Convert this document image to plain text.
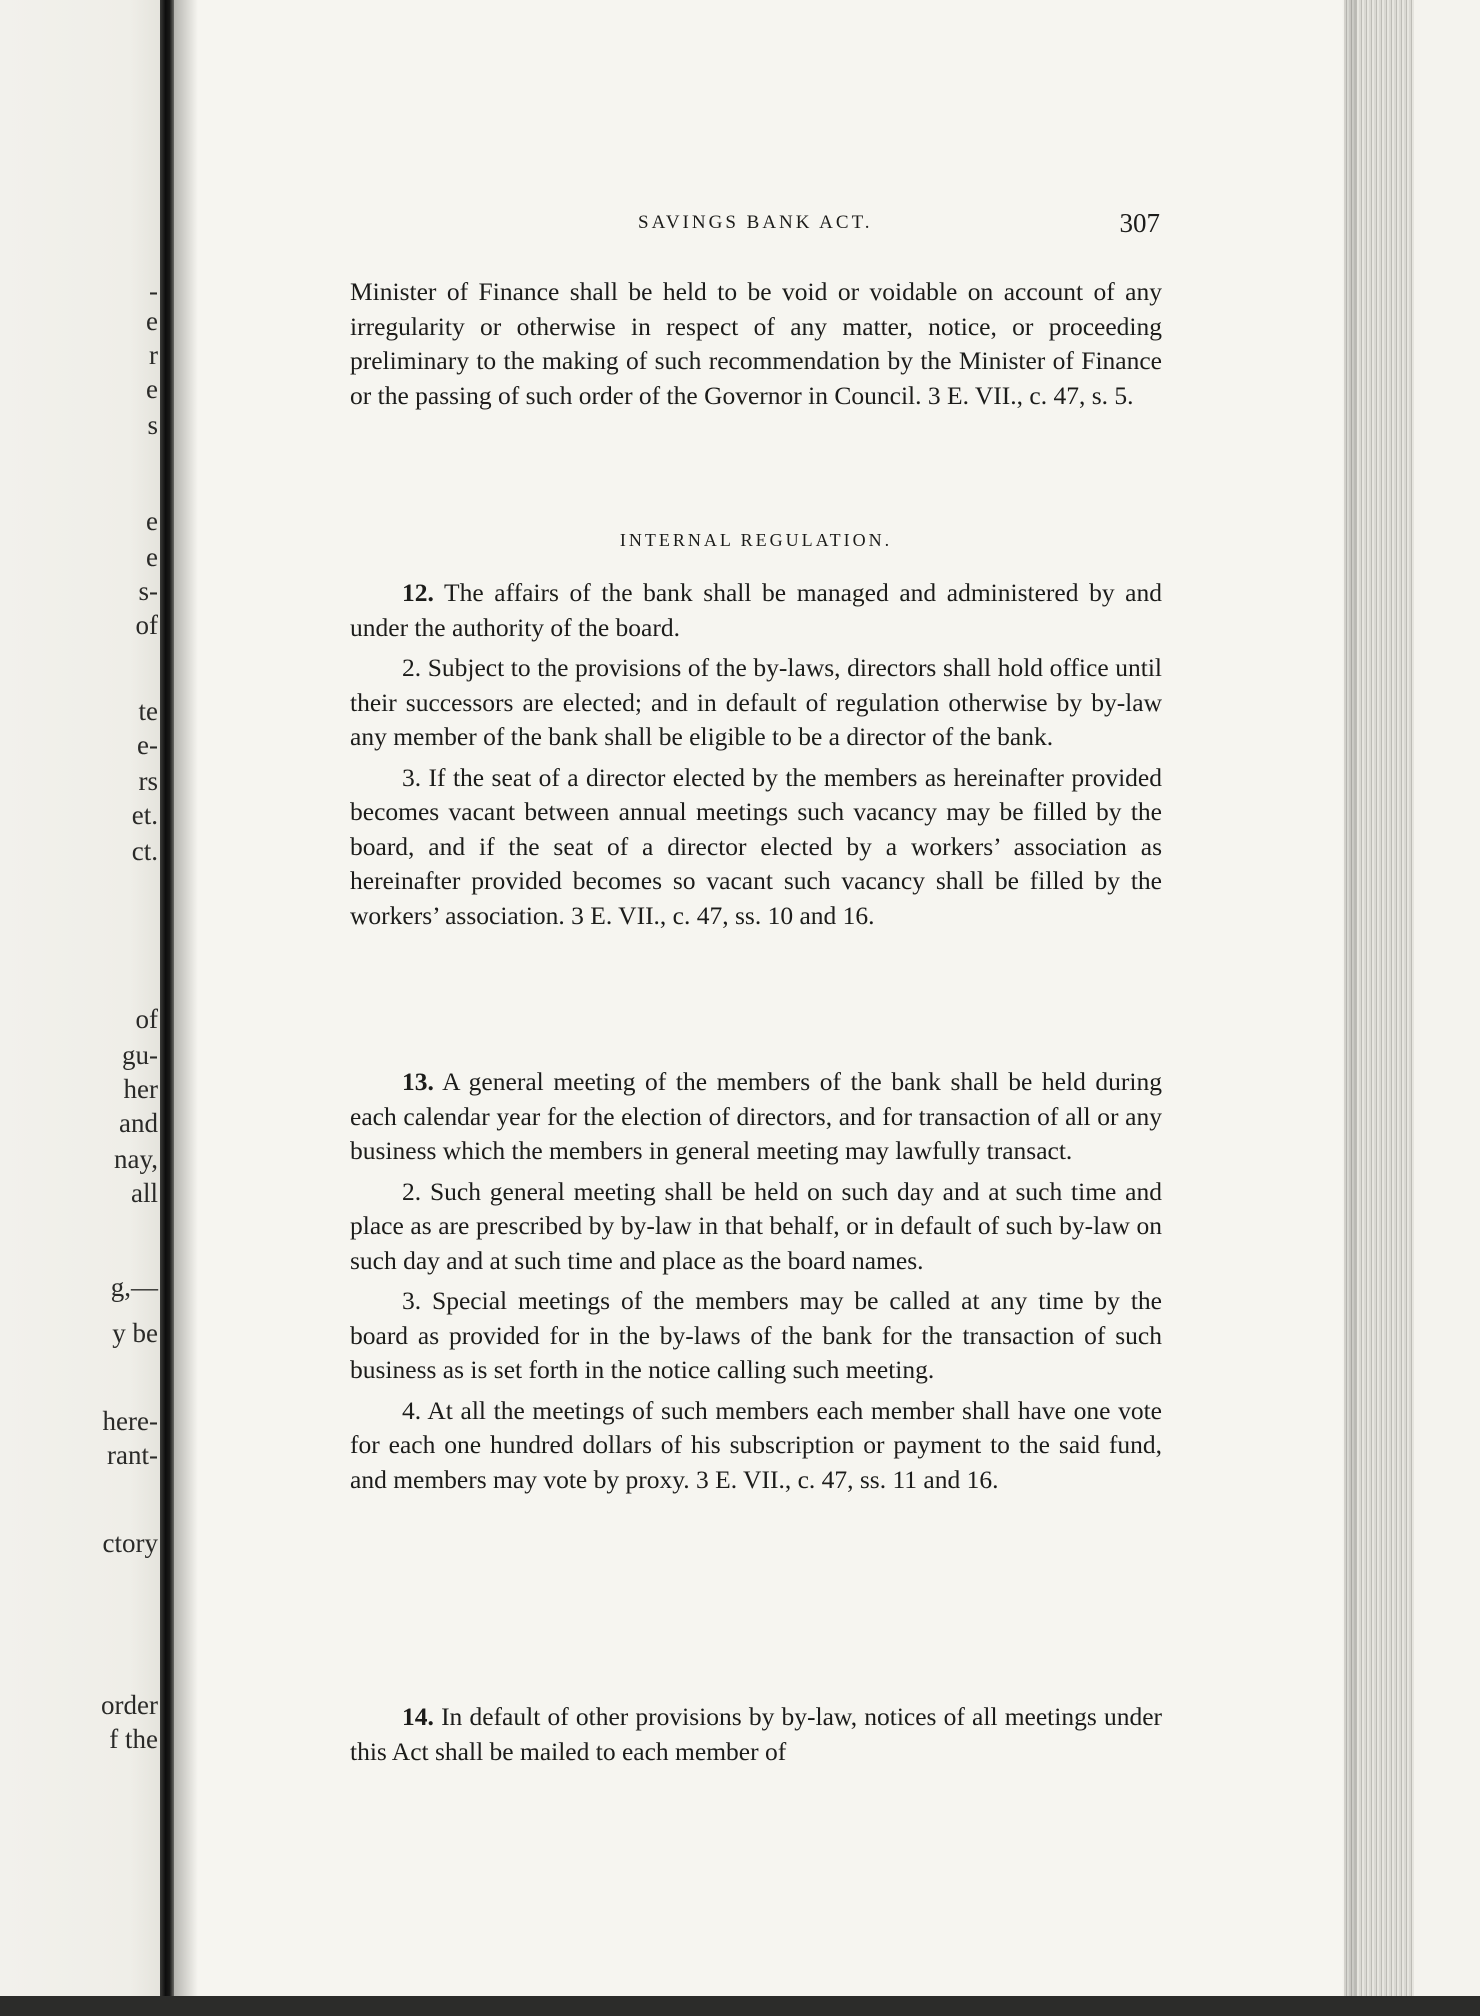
-
e
r
e
s
e
e
s-
of
te
e-
rs
et.
ct.
of
gu-
her
and
nay,
all
g,—
y be
here-
rant-
ctory
order
f the
SAVINGS BANK ACT.	307

Minister of Finance shall be held to be void or voidable on account of any irregularity or otherwise in respect of any matter, notice, or proceeding preliminary to the making of such recommendation by the Minister of Finance or the passing of such order of the Governor in Council. 3 E. VII., c. 47, s. 5.

INTERNAL REGULATION.

12. The affairs of the bank shall be managed and administered by and under the authority of the board.

2. Subject to the provisions of the by-laws, directors shall hold office until their successors are elected; and in default of regulation otherwise by by-law any member of the bank shall be eligible to be a director of the bank.

3. If the seat of a director elected by the members as hereinafter provided becomes vacant between annual meetings such vacancy may be filled by the board, and if the seat of a director elected by a workers’ association as hereinafter provided becomes so vacant such vacancy shall be filled by the workers’ association. 3 E. VII., c. 47, ss. 10 and 16.

13. A general meeting of the members of the bank shall be held during each calendar year for the election of directors, and for transaction of all or any business which the members in general meeting may lawfully transact.

2. Such general meeting shall be held on such day and at such time and place as are prescribed by by-law in that behalf, or in default of such by-law on such day and at such time and place as the board names.

3. Special meetings of the members may be called at any time by the board as provided for in the by-laws of the bank for the transaction of such business as is set forth in the notice calling such meeting.

4. At all the meetings of such members each member shall have one vote for each one hundred dollars of his subscription or payment to the said fund, and members may vote by proxy. 3 E. VII., c. 47, ss. 11 and 16.

14. In default of other provisions by by-law, notices of all meetings under this Act shall be mailed to each member of
